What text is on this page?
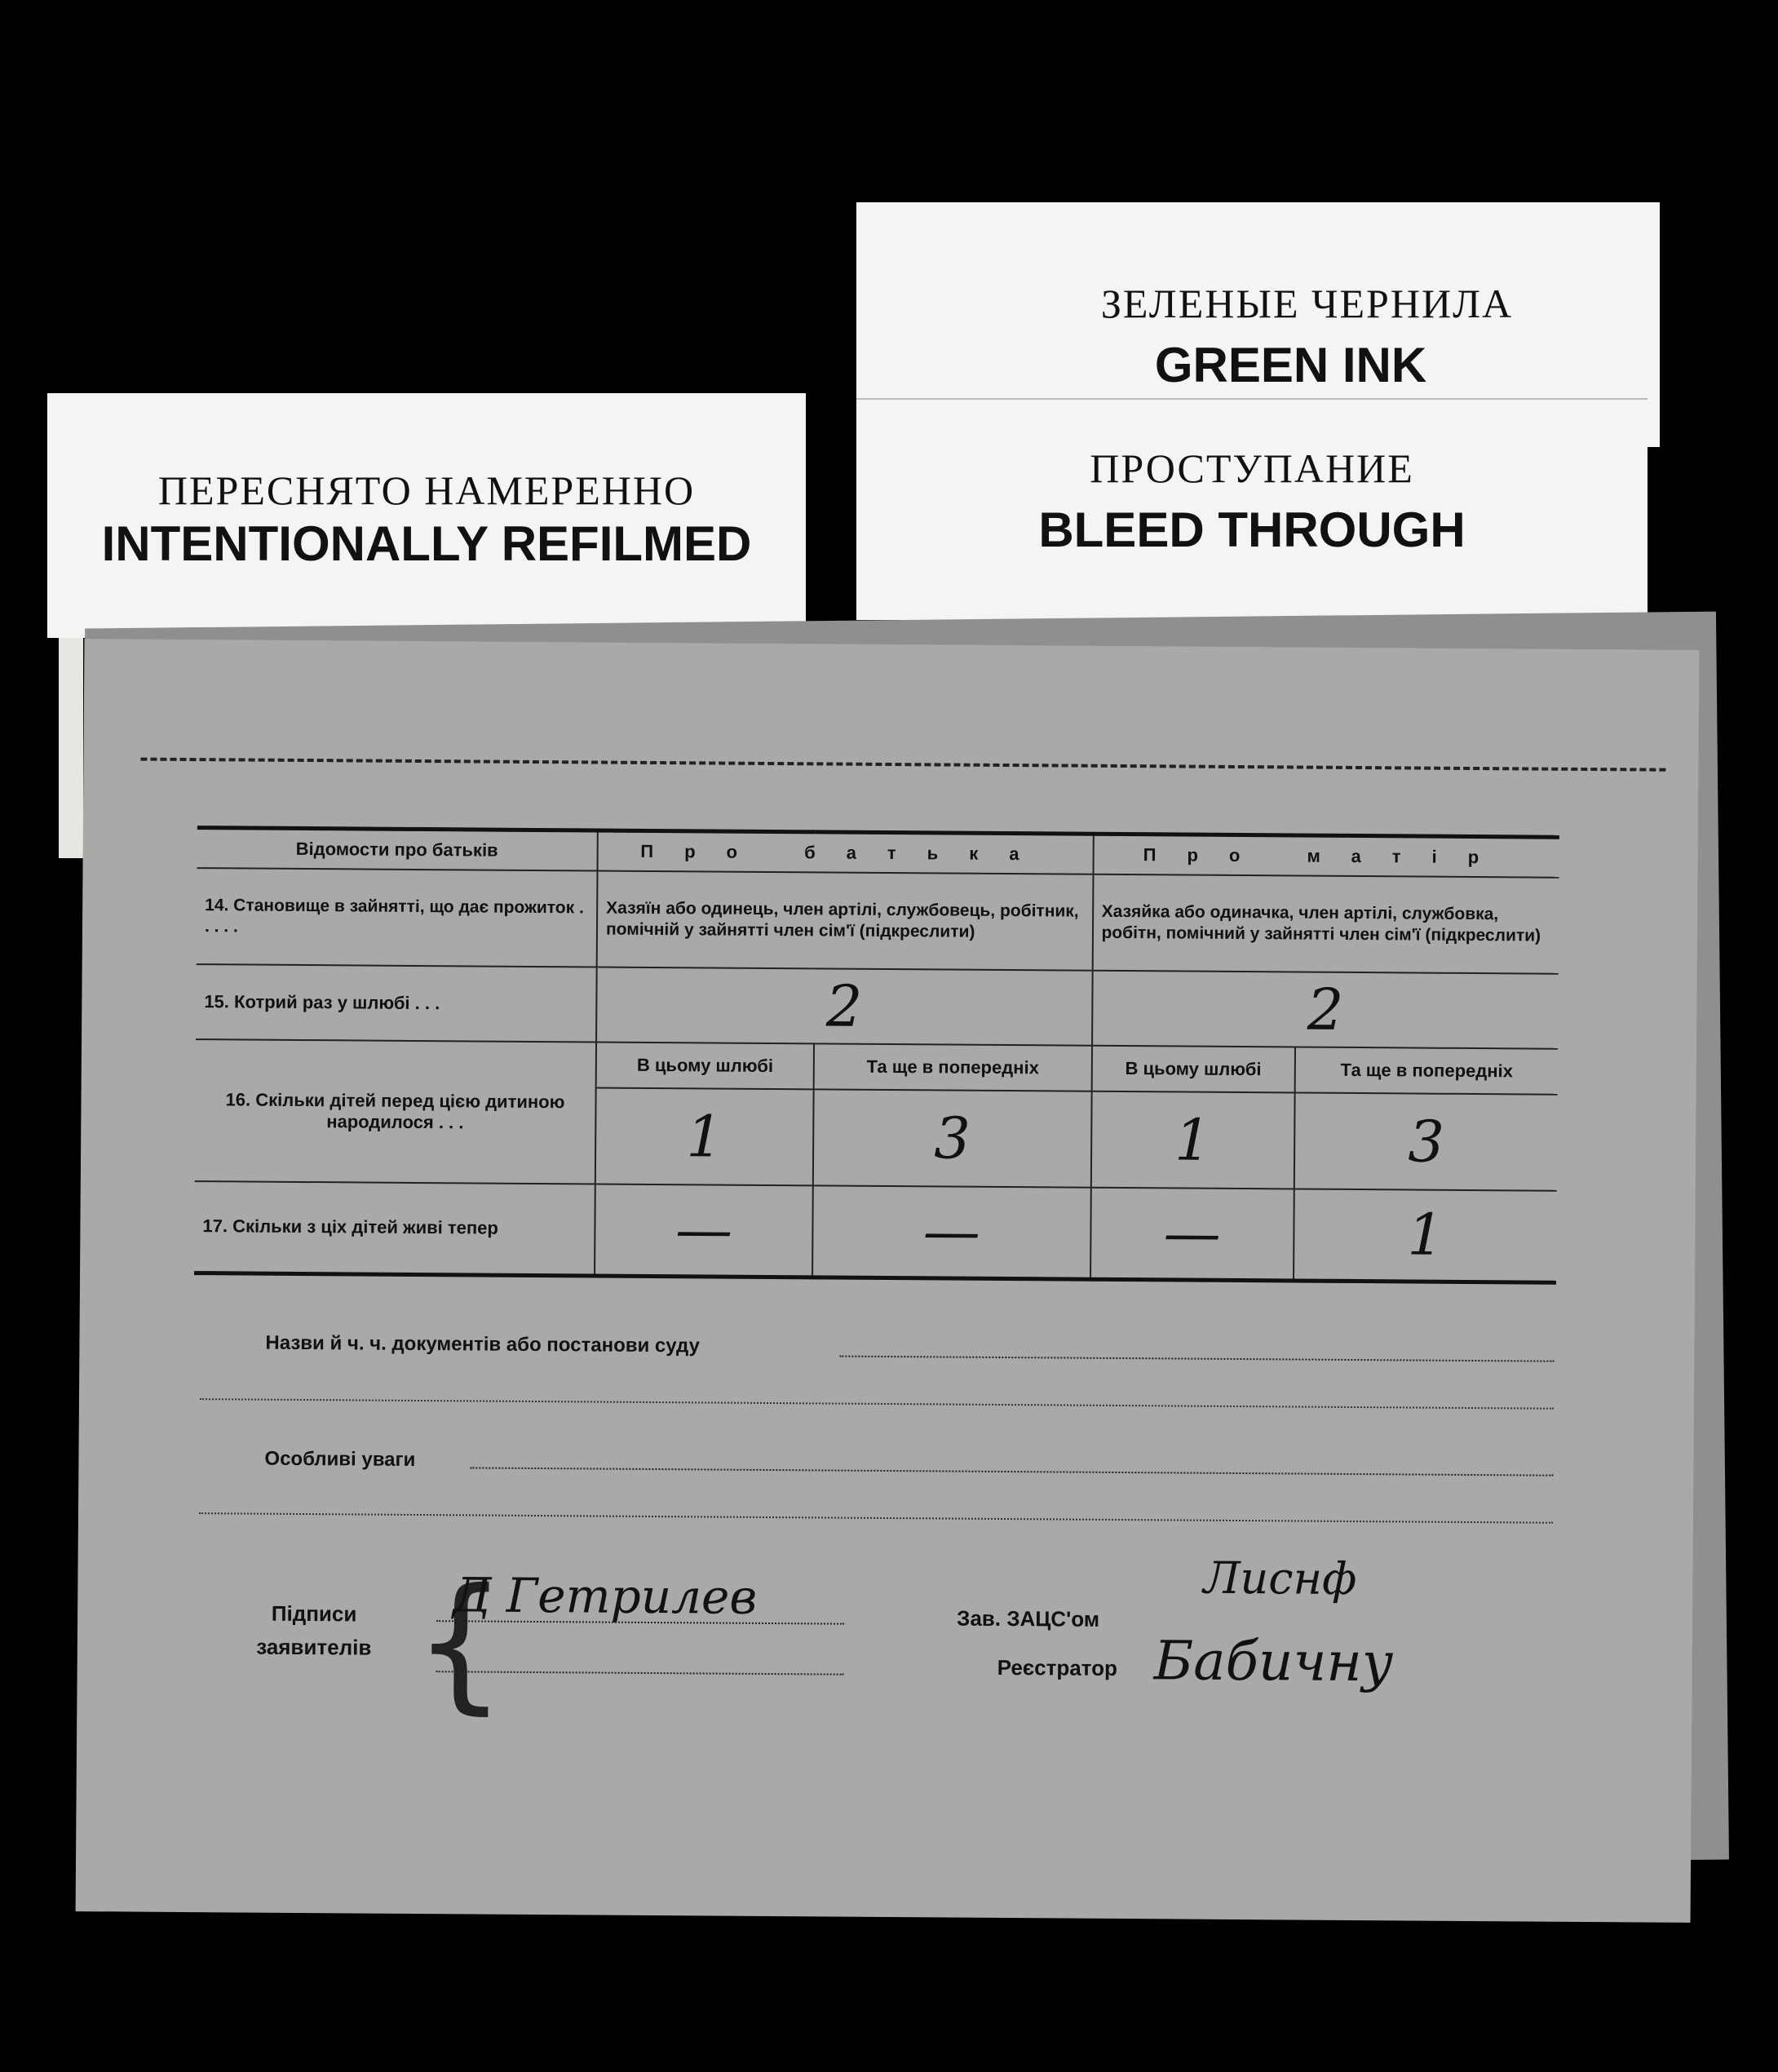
ПЕРЕСНЯТО НАМЕРЕННО
INTENTIONALLY REFILMED
ЗЕЛЕНЫЕ ЧЕРНИЛА
GREEN INK
ПРОСТУПАНИЕ
BLEED THROUGH
Відомости про батьків	Про батька		Про матір	
14. Становище в зайнятті, що дає прожиток . . . . .	Хазяїн або одинець, член артілі, службовець, робітник, помічній у зайнятті член сім'ї (підкреслити)		Хазяйка або одиначка, член артілі, службовка, робітн, помічний у зайнятті член сім'ї (підкреслити)	
15. Котрий раз у шлюбі . . .	2		2	
16. Скільки дітей перед цією дитиною народилося . . .	В цьому шлюбі	Та ще в попередніх	В цьому шлюбі	Та ще в попередніх
	1	3	1	3
17. Скільки з ціх дітей живі тепер	—	—	—	1
Назви й ч. ч. документів або постанови суду
Особливі уваги
Підписи
заявителів {
Д Гетрилев	Зав. ЗАЦС'ом
Лиснф
Реєстратор Бабичну
